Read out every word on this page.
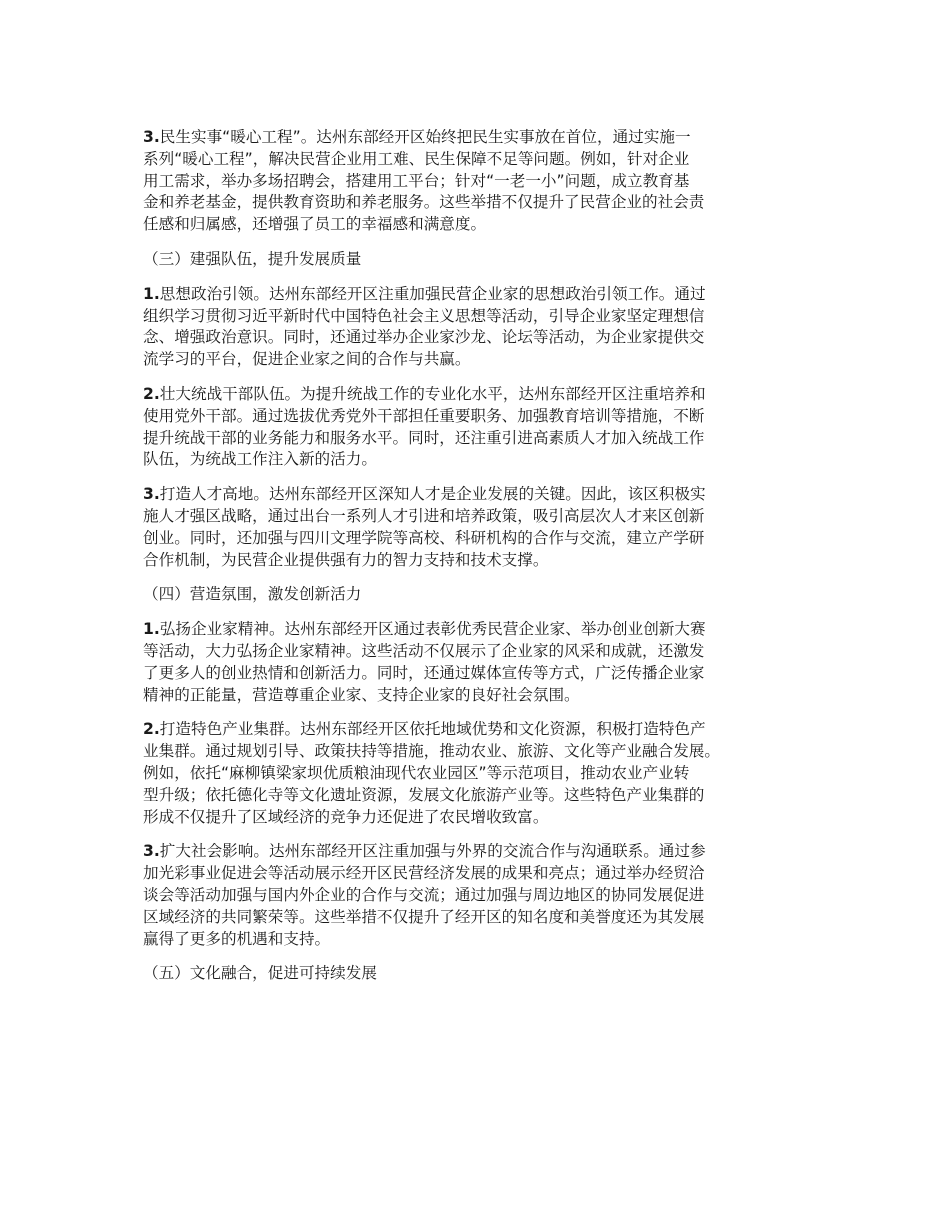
3.民生实事“暖心工程”。达州东部经开区始终把民生实事放在首位，通过实施一
系列“暖心工程”，解决民营企业用工难、民生保障不足等问题。例如，针对企业
用工需求，举办多场招聘会，搭建用工平台；针对“一老一小”问题，成立教育基
金和养老基金，提供教育资助和养老服务。这些举措不仅提升了民营企业的社会责
任感和归属感，还增强了员工的幸福感和满意度。
（三）建强队伍，提升发展质量
1.思想政治引领。达州东部经开区注重加强民营企业家的思想政治引领工作。通过
组织学习贯彻习近平新时代中国特色社会主义思想等活动，引导企业家坚定理想信
念、增强政治意识。同时，还通过举办企业家沙龙、论坛等活动，为企业家提供交
流学习的平台，促进企业家之间的合作与共赢。
2.壮大统战干部队伍。为提升统战工作的专业化水平，达州东部经开区注重培养和
使用党外干部。通过选拔优秀党外干部担任重要职务、加强教育培训等措施，不断
提升统战干部的业务能力和服务水平。同时，还注重引进高素质人才加入统战工作
队伍，为统战工作注入新的活力。
3.打造人才高地。达州东部经开区深知人才是企业发展的关键。因此，该区积极实
施人才强区战略，通过出台一系列人才引进和培养政策，吸引高层次人才来区创新
创业。同时，还加强与四川文理学院等高校、科研机构的合作与交流，建立产学研
合作机制，为民营企业提供强有力的智力支持和技术支撑。
（四）营造氛围，激发创新活力
1.弘扬企业家精神。达州东部经开区通过表彰优秀民营企业家、举办创业创新大赛
等活动，大力弘扬企业家精神。这些活动不仅展示了企业家的风采和成就，还激发
了更多人的创业热情和创新活力。同时，还通过媒体宣传等方式，广泛传播企业家
精神的正能量，营造尊重企业家、支持企业家的良好社会氛围。
2.打造特色产业集群。达州东部经开区依托地域优势和文化资源，积极打造特色产
业集群。通过规划引导、政策扶持等措施，推动农业、旅游、文化等产业融合发展。
例如，依托“麻柳镇梁家坝优质粮油现代农业园区”等示范项目，推动农业产业转
型升级；依托德化寺等文化遗址资源，发展文化旅游产业等。这些特色产业集群的
形成不仅提升了区域经济的竞争力还促进了农民增收致富。
3.扩大社会影响。达州东部经开区注重加强与外界的交流合作与沟通联系。通过参
加光彩事业促进会等活动展示经开区民营经济发展的成果和亮点；通过举办经贸洽
谈会等活动加强与国内外企业的合作与交流；通过加强与周边地区的协同发展促进
区域经济的共同繁荣等。这些举措不仅提升了经开区的知名度和美誉度还为其发展
赢得了更多的机遇和支持。
（五）文化融合，促进可持续发展
